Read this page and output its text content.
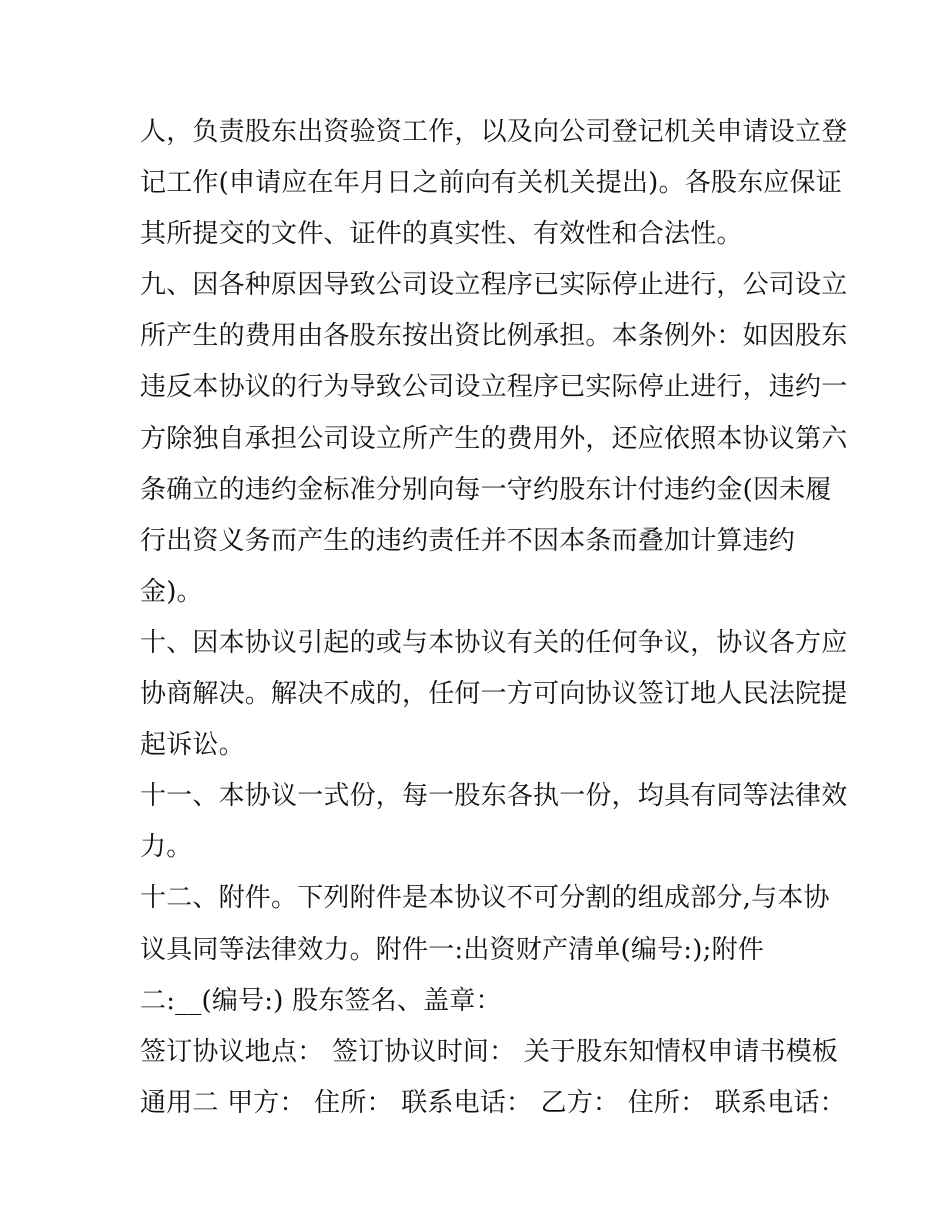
人，负责股东出资验资工作，以及向公司登记机关申请设立登
记工作(申请应在年月日之前向有关机关提出)。各股东应保证
其所提交的文件、证件的真实性、有效性和合法性。
九、因各种原因导致公司设立程序已实际停止进行，公司设立
所产生的费用由各股东按出资比例承担。本条例外：如因股东
违反本协议的行为导致公司设立程序已实际停止进行，违约一
方除独自承担公司设立所产生的费用外，还应依照本协议第六
条确立的违约金标准分别向每一守约股东计付违约金(因未履
行出资义务而产生的违约责任并不因本条而叠加计算违约
金)。
十、因本协议引起的或与本协议有关的任何争议，协议各方应
协商解决。解决不成的，任何一方可向协议签订地人民法院提
起诉讼。
十一、本协议一式份，每一股东各执一份，均具有同等法律效
力。
十二、附件。下列附件是本协议不可分割的组成部分,与本协
议具同等法律效力。附件一:出资财产清单(编号:);附件
二:__(编号:) 股东签名、盖章：
签订协议地点： 签订协议时间： 关于股东知情权申请书模板
通用二 甲方： 住所： 联系电话： 乙方： 住所： 联系电话：
